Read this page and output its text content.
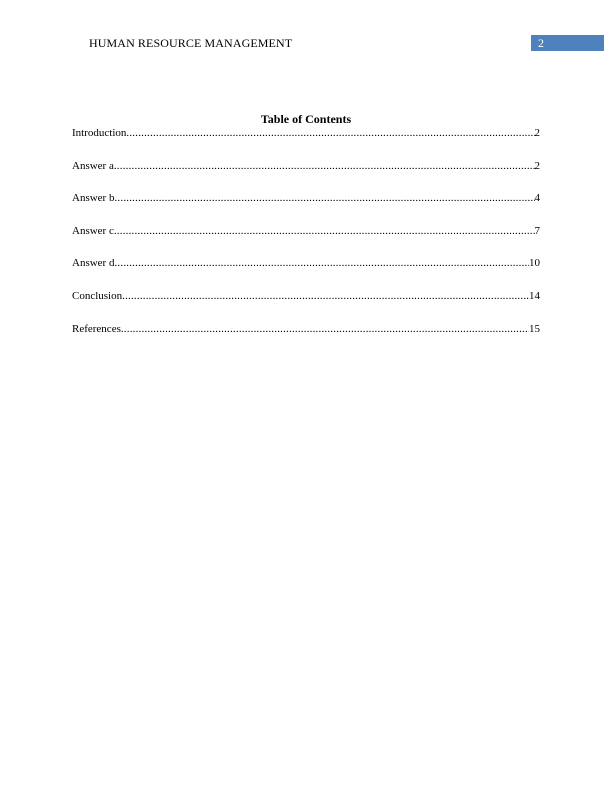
HUMAN RESOURCE MANAGEMENT	2
Table of Contents
Introduction .....	2
Answer a .....	2
Answer b .....	4
Answer c .....	7
Answer d .....	10
Conclusion .....	14
References .....	15
